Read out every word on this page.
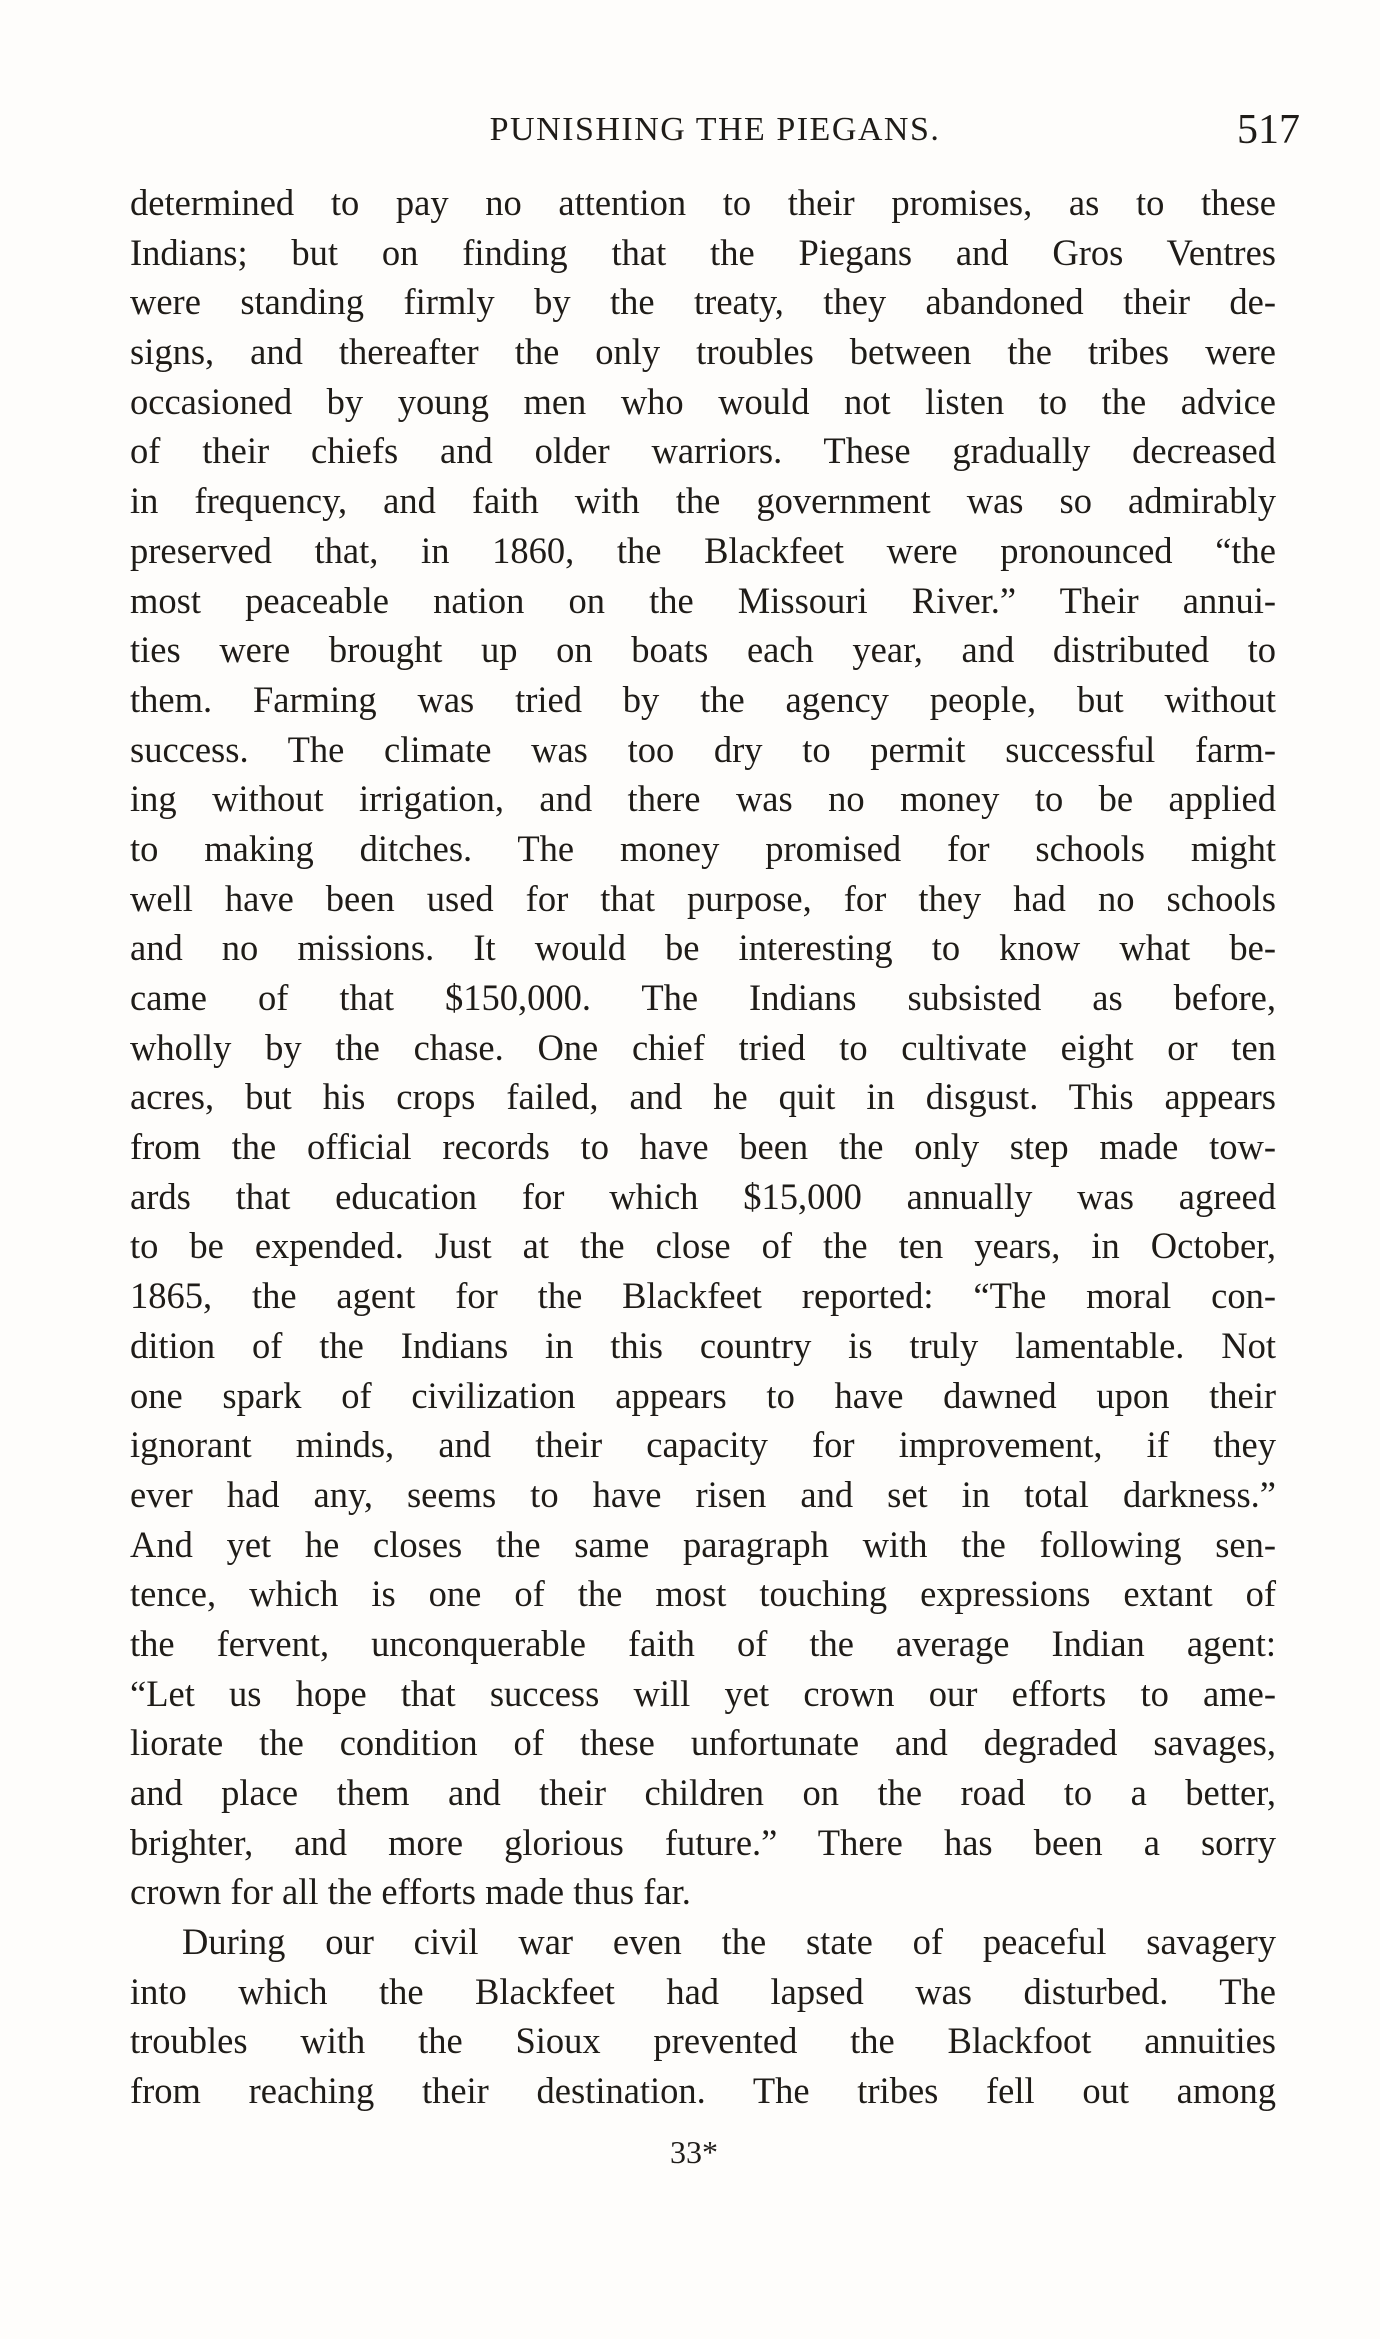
PUNISHING THE PIEGANS.	517
determined to pay no attention to their promises, as to these
Indians; but on finding that the Piegans and Gros Ventres
were standing firmly by the treaty, they abandoned their de-
signs, and thereafter the only troubles between the tribes were
occasioned by young men who would not listen to the advice
of their chiefs and older warriors. These gradually decreased
in frequency, and faith with the government was so admirably
preserved that, in 1860, the Blackfeet were pronounced “the
most peaceable nation on the Missouri River.” Their annui-
ties were brought up on boats each year, and distributed to
them. Farming was tried by the agency people, but without
success. The climate was too dry to permit successful farm-
ing without irrigation, and there was no money to be applied
to making ditches. The money promised for schools might
well have been used for that purpose, for they had no schools
and no missions. It would be interesting to know what be-
came of that $150,000. The Indians subsisted as before,
wholly by the chase. One chief tried to cultivate eight or ten
acres, but his crops failed, and he quit in disgust. This appears
from the official records to have been the only step made tow-
ards that education for which $15,000 annually was agreed
to be expended. Just at the close of the ten years, in October,
1865, the agent for the Blackfeet reported: “The moral con-
dition of the Indians in this country is truly lamentable. Not
one spark of civilization appears to have dawned upon their
ignorant minds, and their capacity for improvement, if they
ever had any, seems to have risen and set in total darkness.”
And yet he closes the same paragraph with the following sen-
tence, which is one of the most touching expressions extant of
the fervent, unconquerable faith of the average Indian agent:
“Let us hope that success will yet crown our efforts to ame-
liorate the condition of these unfortunate and degraded savages,
and place them and their children on the road to a better,
brighter, and more glorious future.” There has been a sorry
crown for all the efforts made thus far.
During our civil war even the state of peaceful savagery
into which the Blackfeet had lapsed was disturbed. The
troubles with the Sioux prevented the Blackfoot annuities
from reaching their destination. The tribes fell out among
33*
